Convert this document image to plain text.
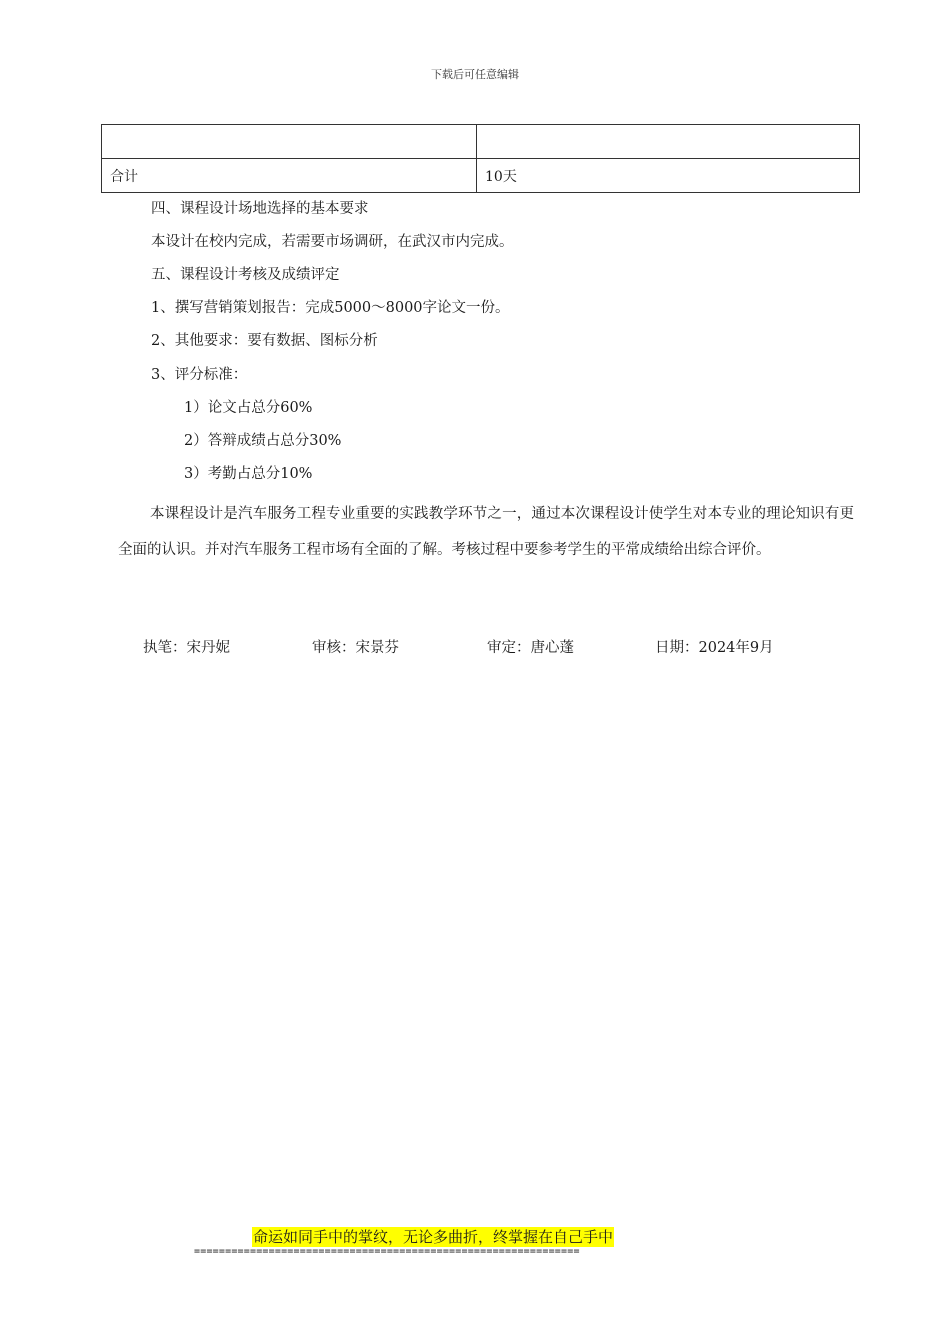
下载后可任意编辑

合计	10天
四、课程设计场地选择的基本要求
本设计在校内完成，若需要市场调研，在武汉市内完成。
五、课程设计考核及成绩评定
1、撰写营销策划报告：完成5000～8000字论文一份。
2、其他要求：要有数据、图标分析
3、评分标准：
1）论文占总分60%
2）答辩成绩占总分30%
3）考勤占总分10%
本课程设计是汽车服务工程专业重要的实践教学环节之一，通过本次课程设计使学生对本专业的理论知识有更全面的认识。并对汽车服务工程市场有全面的了解。考核过程中要参考学生的平常成绩给出综合评价。
执笔：宋丹妮	审核：宋景芬	审定：唐心蓬	日期：2024年9月
命运如同手中的掌纹，无论多曲折，终掌握在自己手中
==============================================================
